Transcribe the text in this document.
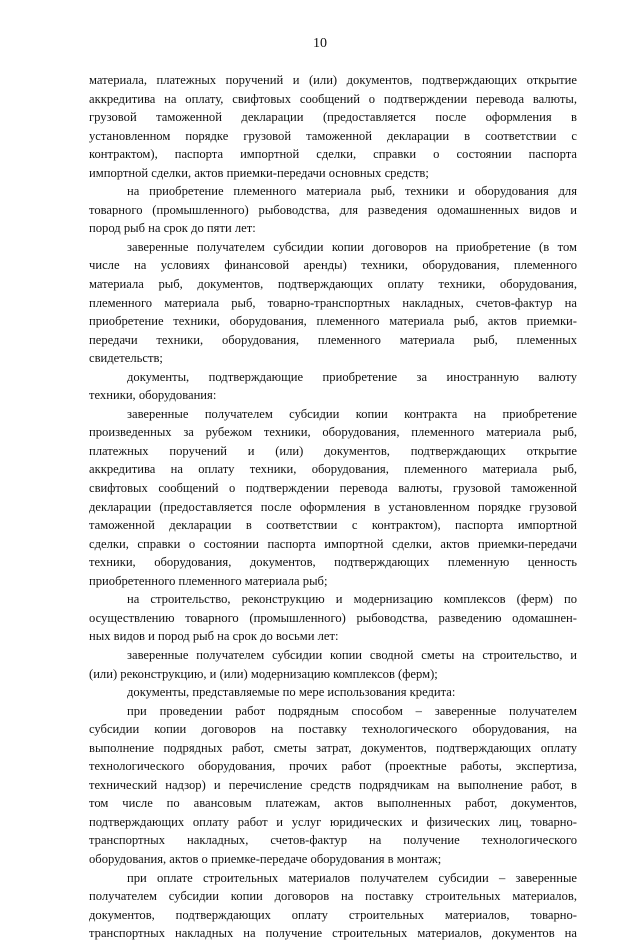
10
материала, платежных поручений и (или) документов, подтверждающих открытие
аккредитива на оплату, свифтовых сообщений о подтверждении перевода валюты,
грузовой таможенной декларации (предоставляется после оформления в
установленном порядке грузовой таможенной декларации в соответствии с
контрактом), паспорта импортной сделки, справки о состоянии паспорта
импортной сделки, актов приемки-передачи основных средств;
на приобретение племенного материала рыб, техники и оборудования для
товарного (промышленного) рыбоводства, для разведения одомашненных видов и
пород рыб на срок до пяти лет:
заверенные получателем субсидии копии договоров на приобретение (в том
числе на условиях финансовой аренды) техники, оборудования, племенного
материала рыб, документов, подтверждающих оплату техники, оборудования,
племенного материала рыб, товарно-транспортных накладных, счетов-фактур на
приобретение техники, оборудования, племенного материала рыб, актов приемки-
передачи техники, оборудования, племенного материала рыб, племенных
свидетельств;
документы, подтверждающие приобретение за иностранную валюту
техники, оборудования:
заверенные получателем субсидии копии контракта на приобретение
произведенных за рубежом техники, оборудования, племенного материала рыб,
платежных поручений и (или) документов, подтверждающих открытие
аккредитива на оплату техники, оборудования, племенного материала рыб,
свифтовых сообщений о подтверждении перевода валюты, грузовой таможенной
декларации (предоставляется после оформления в установленном порядке грузовой
таможенной декларации в соответствии с контрактом), паспорта импортной
сделки, справки о состоянии паспорта импортной сделки, актов приемки-передачи
техники, оборудования, документов, подтверждающих племенную ценность
приобретенного племенного материала рыб;
на строительство, реконструкцию и модернизацию комплексов (ферм) по
осуществлению товарного (промышленного) рыбоводства, разведению одомашнен-
ных видов и пород рыб на срок до восьми лет:
заверенные получателем субсидии копии сводной сметы на строительство, и
(или) реконструкцию, и (или) модернизацию комплексов (ферм);
документы, представляемые по мере использования кредита:
при проведении работ подрядным способом – заверенные получателем
субсидии копии договоров на поставку технологического оборудования, на
выполнение подрядных работ, сметы затрат, документов, подтверждающих оплату
технологического оборудования, прочих работ (проектные работы, экспертиза,
технический надзор) и перечисление средств подрядчикам на выполнение работ, в
том числе по авансовым платежам, актов выполненных работ, документов,
подтверждающих оплату работ и услуг юридических и физических лиц, товарно-
транспортных накладных, счетов-фактур на получение технологического
оборудования, актов о приемке-передаче оборудования в монтаж;
при оплате строительных материалов получателем субсидии – заверенные
получателем субсидии копии договоров на поставку строительных материалов,
документов, подтверждающих оплату строительных материалов, товарно-
транспортных накладных на получение строительных материалов, документов на
